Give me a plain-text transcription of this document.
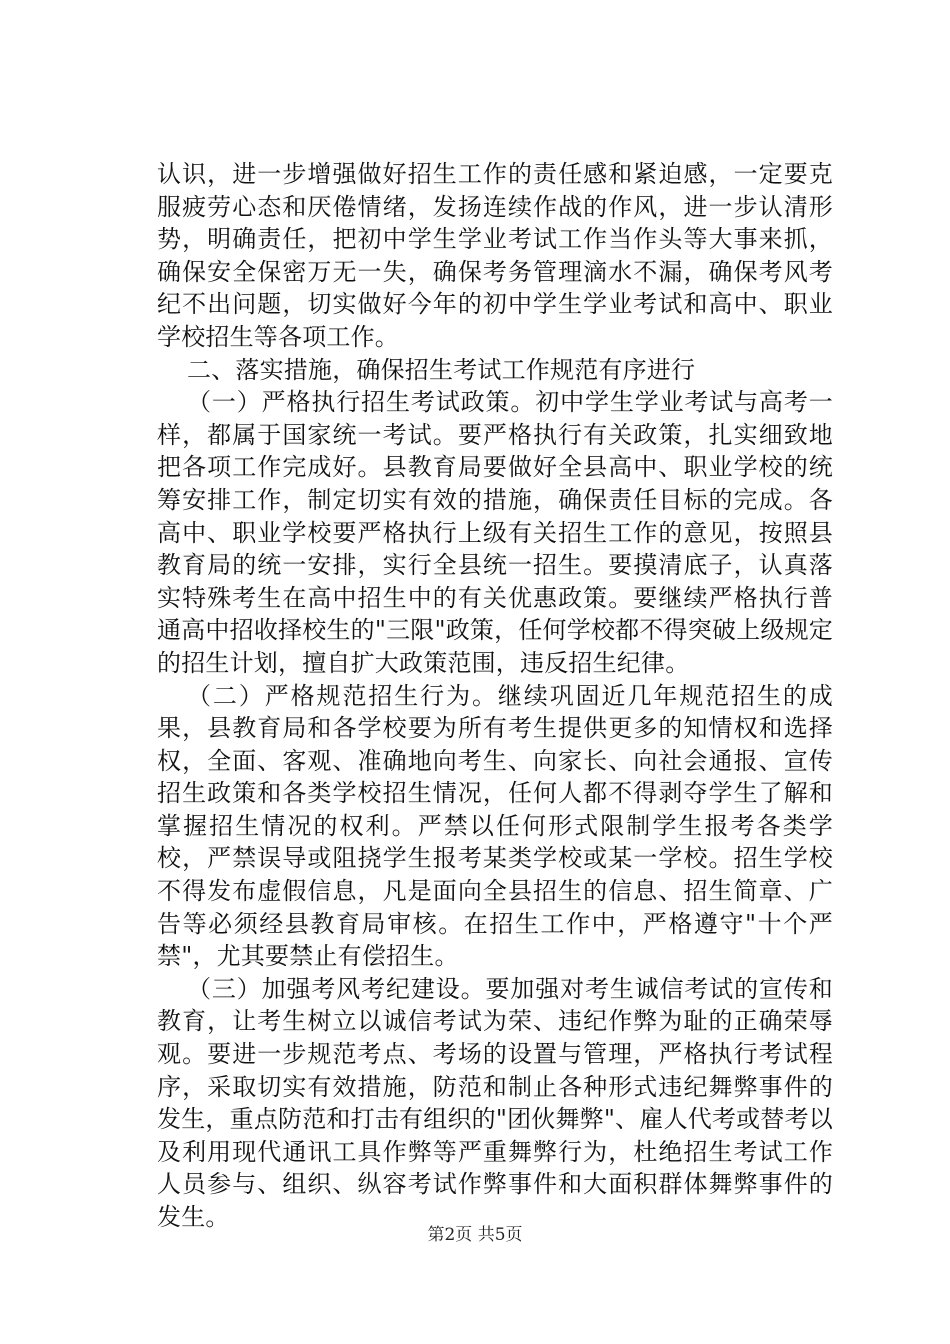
认识，进一步增强做好招生工作的责任感和紧迫感，一定要克服疲劳心态和厌倦情绪，发扬连续作战的作风，进一步认清形势，明确责任，把初中学生学业考试工作当作头等大事来抓，确保安全保密万无一失，确保考务管理滴水不漏，确保考风考纪不出问题，切实做好今年的初中学生学业考试和高中、职业学校招生等各项工作。

二、落实措施，确保招生考试工作规范有序进行

（一）严格执行招生考试政策。初中学生学业考试与高考一样，都属于国家统一考试。要严格执行有关政策，扎实细致地把各项工作完成好。县教育局要做好全县高中、职业学校的统筹安排工作，制定切实有效的措施，确保责任目标的完成。各高中、职业学校要严格执行上级有关招生工作的意见，按照县教育局的统一安排，实行全县统一招生。要摸清底子，认真落实特殊考生在高中招生中的有关优惠政策。要继续严格执行普通高中招收择校生的"三限"政策，任何学校都不得突破上级规定的招生计划，擅自扩大政策范围，违反招生纪律。

（二）严格规范招生行为。继续巩固近几年规范招生的成果，县教育局和各学校要为所有考生提供更多的知情权和选择权，全面、客观、准确地向考生、向家长、向社会通报、宣传招生政策和各类学校招生情况，任何人都不得剥夺学生了解和掌握招生情况的权利。严禁以任何形式限制学生报考各类学校，严禁误导或阻挠学生报考某类学校或某一学校。招生学校不得发布虚假信息，凡是面向全县招生的信息、招生简章、广告等必须经县教育局审核。在招生工作中，严格遵守"十个严禁"，尤其要禁止有偿招生。

（三）加强考风考纪建设。要加强对考生诚信考试的宣传和教育，让考生树立以诚信考试为荣、违纪作弊为耻的正确荣辱观。要进一步规范考点、考场的设置与管理，严格执行考试程序，采取切实有效措施，防范和制止各种形式违纪舞弊事件的发生，重点防范和打击有组织的"团伙舞弊"、雇人代考或替考以及利用现代通讯工具作弊等严重舞弊行为，杜绝招生考试工作人员参与、组织、纵容考试作弊事件和大面积群体舞弊事件的发生。

第2页 共5页
